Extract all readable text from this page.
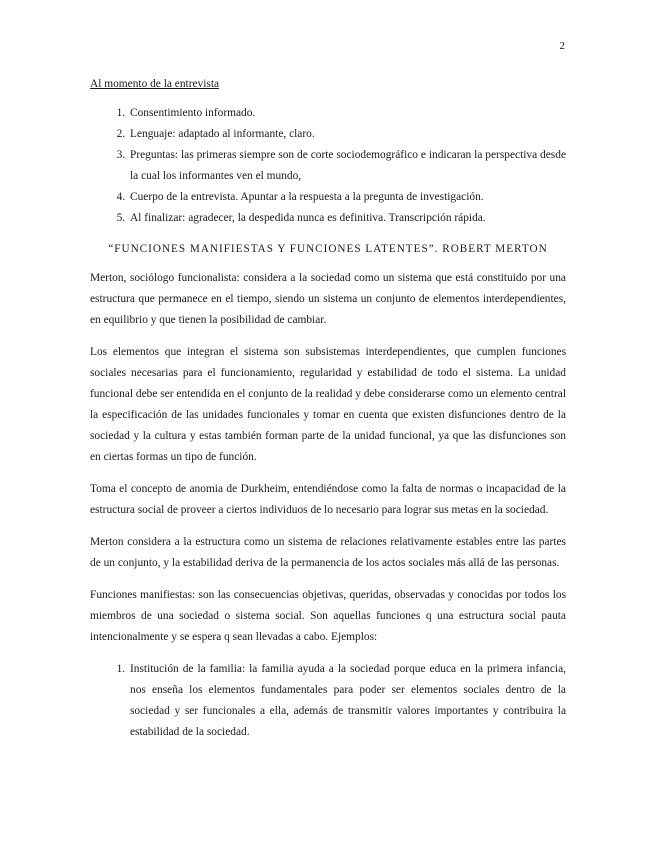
2
Al momento de la entrevista
1. Consentimiento informado.
2. Lenguaje: adaptado al informante, claro.
3. Preguntas: las primeras siempre son de corte sociodemográfico e indicaran la perspectiva desde la cual los informantes ven el mundo,
4. Cuerpo de la entrevista. Apuntar a la respuesta a la pregunta de investigación.
5. Al finalizar: agradecer, la despedida nunca es definitiva. Transcripción rápida.
“FUNCIONES MANIFIESTAS Y FUNCIONES LATENTES”. ROBERT MERTON

Merton, sociólogo funcionalista: considera a la sociedad como un sistema que está constituido por una estructura que permanece en el tiempo, siendo un sistema un conjunto de elementos interdependientes, en equilibrio y que tienen la posibilidad de cambiar.

Los elementos que integran el sistema son subsistemas interdependientes, que cumplen funciones sociales necesarias para el funcionamiento, regularidad y estabilidad de todo el sistema. La unidad funcional debe ser entendida en el conjunto de la realidad y debe considerarse como un elemento central la especificación de las unidades funcionales y tomar en cuenta que existen disfunciones dentro de la sociedad y la cultura y estas también forman parte de la unidad funcional, ya que las disfunciones son en ciertas formas un tipo de función.

Toma el concepto de anomia de Durkheim, entendiéndose como la falta de normas o incapacidad de la estructura social de proveer a ciertos individuos de lo necesario para lograr sus metas en la sociedad.

Merton considera a la estructura como un sistema de relaciones relativamente estables entre las partes de un conjunto, y la estabilidad deriva de la permanencia de los actos sociales más allá de las personas.

Funciones manifiestas: son las consecuencias objetivas, queridas, observadas y conocidas por todos los miembros de una sociedad o sistema social. Son aquellas funciones q una estructura social pauta intencionalmente y se espera q sean llevadas a cabo. Ejemplos:

1. Institución de la familia: la familia ayuda a la sociedad porque educa en la primera infancia, nos enseña los elementos fundamentales para poder ser elementos sociales dentro de la sociedad y ser funcionales a ella, además de transmitir valores importantes y contribuira la estabilidad de la sociedad.
